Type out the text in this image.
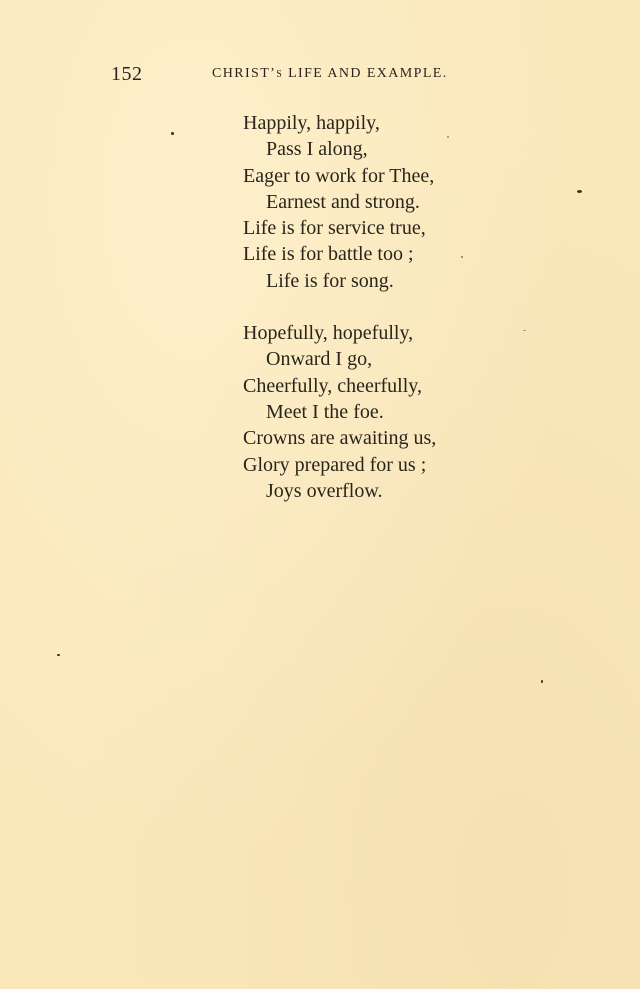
152	CHRIST’s LIFE AND EXAMPLE.
Happily, happily,
Pass I along,
Eager to work for Thee,
Earnest and strong.
Life is for service true,
Life is for battle too ;
Life is for song.
Hopefully, hopefully,
Onward I go,
Cheerfully, cheerfully,
Meet I the foe.
Crowns are awaiting us,
Glory prepared for us ;
Joys overflow.
